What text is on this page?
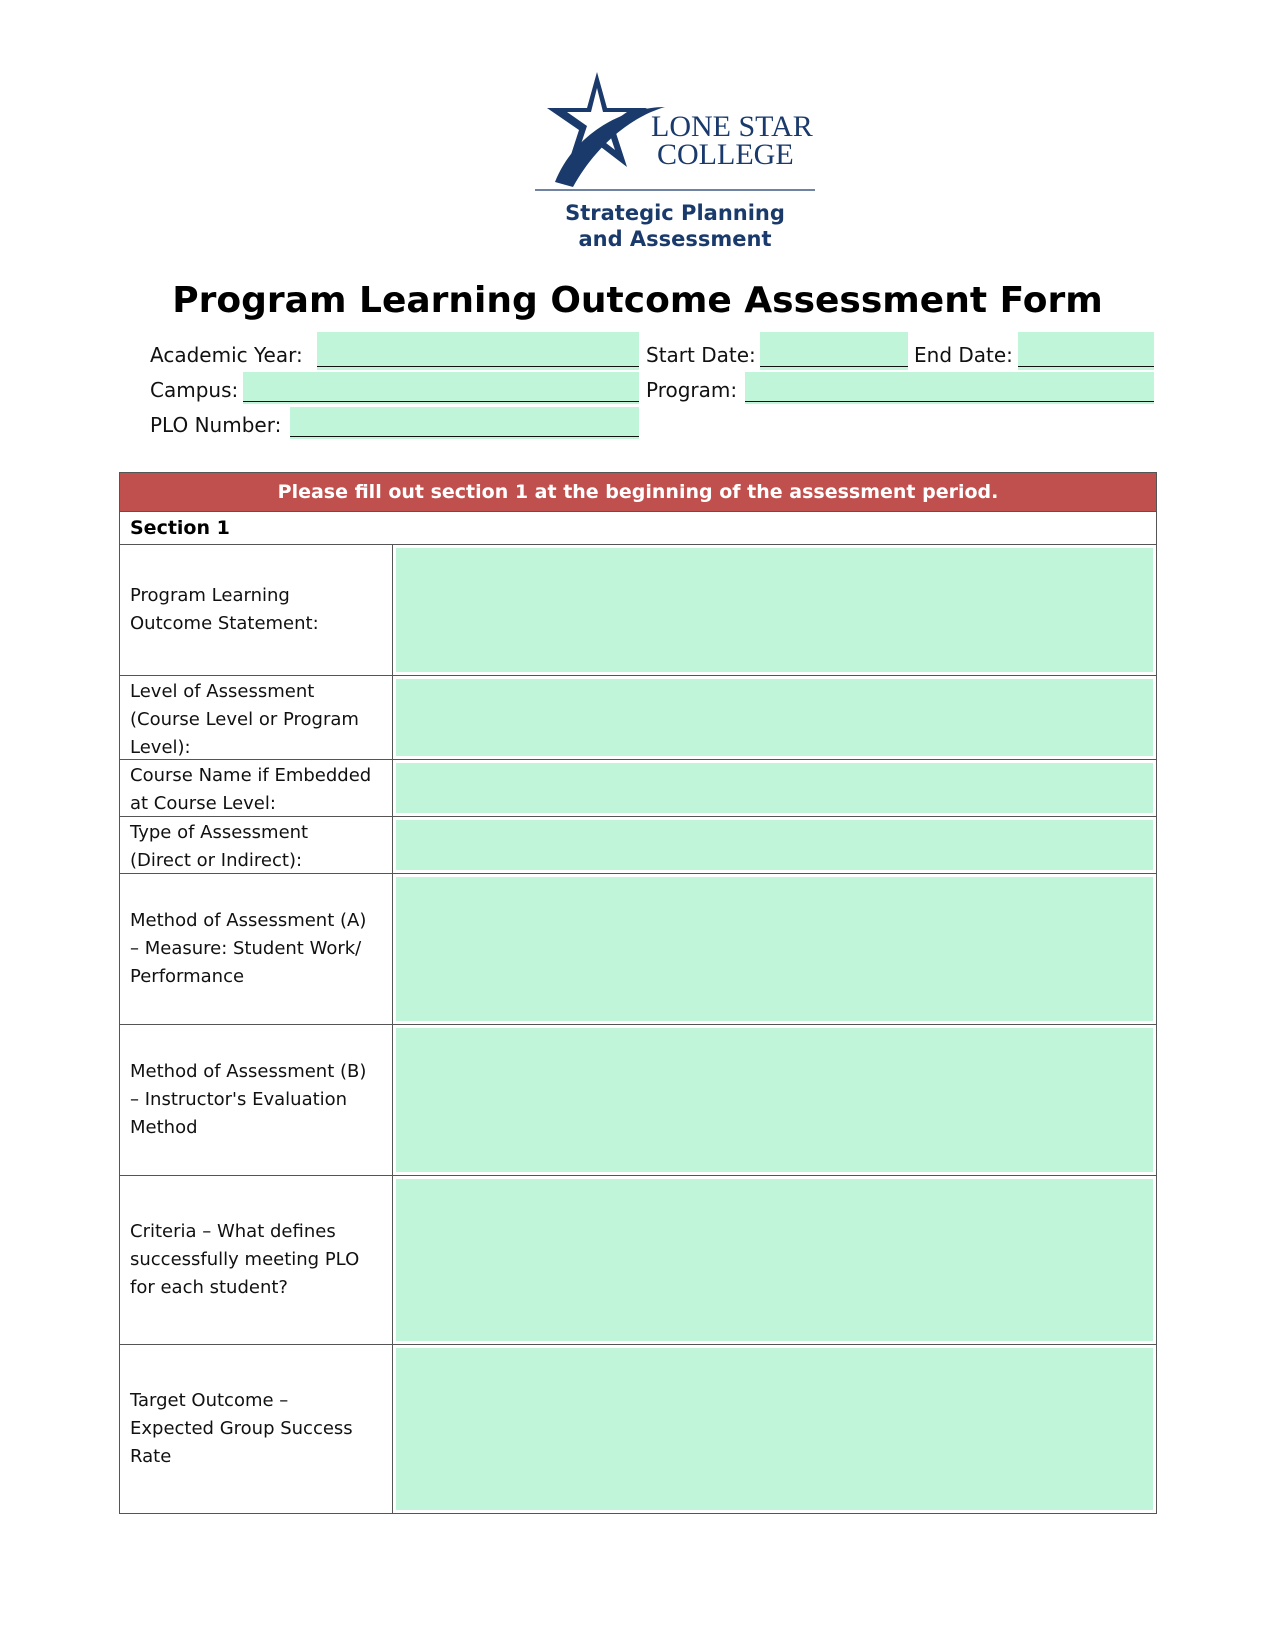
LONE STAR
COLLEGE
Strategic Planning
and Assessment
Program Learning Outcome Assessment Form
Academic Year:	Start Date:	End Date:
Campus:	Program:
PLO Number:
Please fill out section 1 at the beginning of the assessment period.
Section 1
Program Learning
Outcome Statement:
Level of Assessment
(Course Level or Program
Level):
Course Name if Embedded
at Course Level:
Type of Assessment
(Direct or Indirect):
Method of Assessment (A)
– Measure: Student Work/
Performance
Method of Assessment (B)
– Instructor's Evaluation
Method
Criteria – What defines
successfully meeting PLO
for each student?
Target Outcome –
Expected Group Success
Rate
